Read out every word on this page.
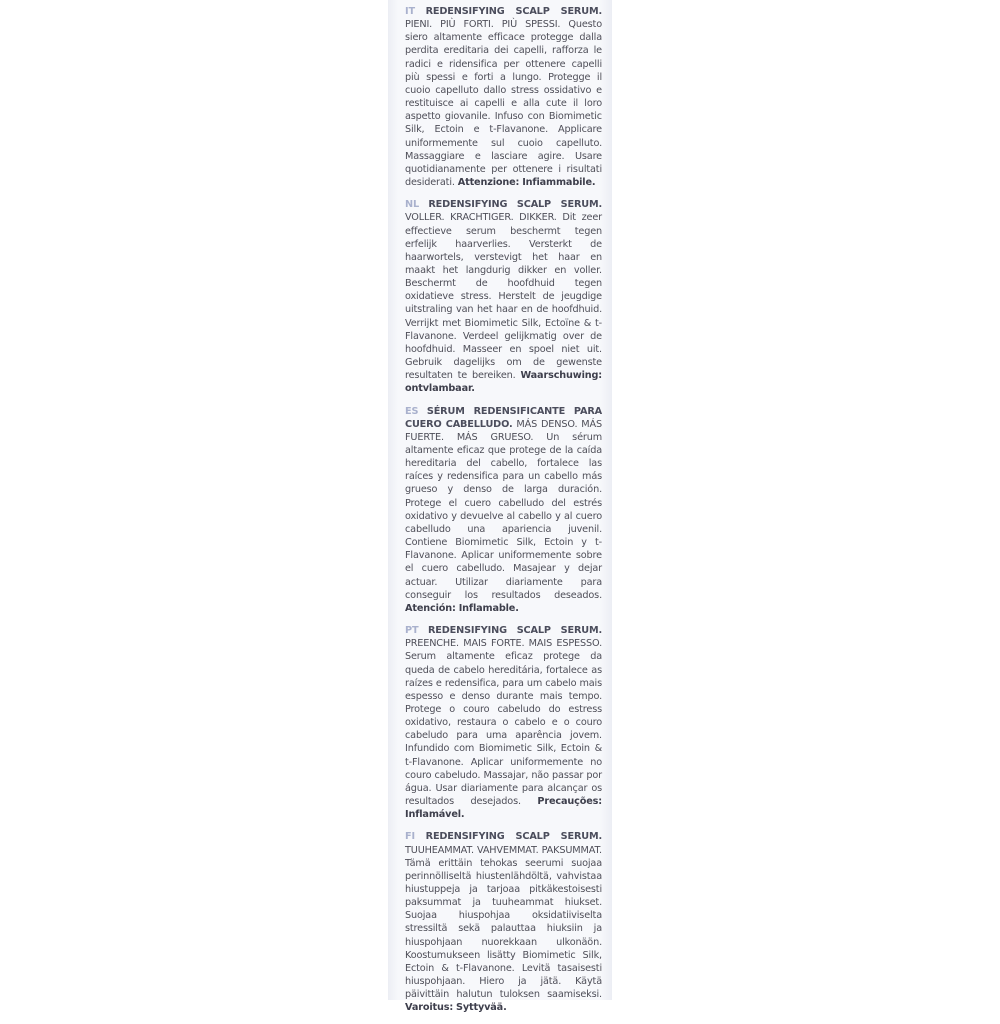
IT REDENSIFYING SCALP SERUM. PIENI. PIÙ FORTI. PIÙ SPESSI. Questo siero altamente efficace protegge dalla perdita ereditaria dei capelli, rafforza le radici e ridensifica per ottenere capelli più spessi e forti a lungo. Protegge il cuoio capelluto dallo stress ossidativo e restituisce ai capelli e alla cute il loro aspetto giovanile. Infuso con Biomimetic Silk, Ectoin e t-Flavanone. Applicare uniformemente sul cuoio capelluto. Massaggiare e lasciare agire. Usare quotidianamente per ottenere i risultati desiderati. Attenzione: Infiammabile.

NL REDENSIFYING SCALP SERUM. VOLLER. KRACHTIGER. DIKKER. Dit zeer effectieve serum beschermt tegen erfelijk haarverlies. Versterkt de haarwortels, verstevigt het haar en maakt het langdurig dikker en voller. Beschermt de hoofdhuid tegen oxidatieve stress. Herstelt de jeugdige uitstraling van het haar en de hoofdhuid. Verrijkt met Biomimetic Silk, Ectoïne & t-Flavanone. Verdeel gelijkmatig over de hoofdhuid. Masseer en spoel niet uit. Gebruik dagelijks om de gewenste resultaten te bereiken. Waarschuwing: ontvlambaar.

ES SÉRUM REDENSIFICANTE PARA CUERO CABELLUDO. MÁS DENSO. MÁS FUERTE. MÁS GRUESO. Un sérum altamente eficaz que protege de la caída hereditaria del cabello, fortalece las raíces y redensifica para un cabello más grueso y denso de larga duración. Protege el cuero cabelludo del estrés oxidativo y devuelve al cabello y al cuero cabelludo una apariencia juvenil. Contiene Biomimetic Silk, Ectoin y t-Flavanone. Aplicar uniformemente sobre el cuero cabelludo. Masajear y dejar actuar. Utilizar diariamente para conseguir los resultados deseados. Atención: Inflamable.

PT REDENSIFYING SCALP SERUM. PREENCHE. MAIS FORTE. MAIS ESPESSO. Serum altamente eficaz protege da queda de cabelo hereditária, fortalece as raízes e redensifica, para um cabelo mais espesso e denso durante mais tempo. Protege o couro cabeludo do estress oxidativo, restaura o cabelo e o couro cabeludo para uma aparência jovem. Infundido com Biomimetic Silk, Ectoin & t-Flavanone. Aplicar uniformemente no couro cabeludo. Massajar, não passar por água. Usar diariamente para alcançar os resultados desejados. Precauções: Inflamável.

FI REDENSIFYING SCALP SERUM. TUUHEAMMAT. VAHVEMMAT. PAKSUMMAT. Tämä erittäin tehokas seerumi suojaa perinnölliseltä hiustenlähdöltä, vahvistaa hiustuppeja ja tarjoaa pitkäkestoisesti paksummat ja tuuheammat hiukset. Suojaa hiuspohjaa oksidatiiviselta stressiltä sekä palauttaa hiuksiin ja hiuspohjaan nuorekkaan ulkonäön. Koostumukseen lisätty Biomimetic Silk, Ectoin & t-Flavanone. Levitä tasaisesti hiuspohjaan. Hiero ja jätä. Käytä päivittäin halutun tuloksen saamiseksi. Varoitus: Syttyvää.
